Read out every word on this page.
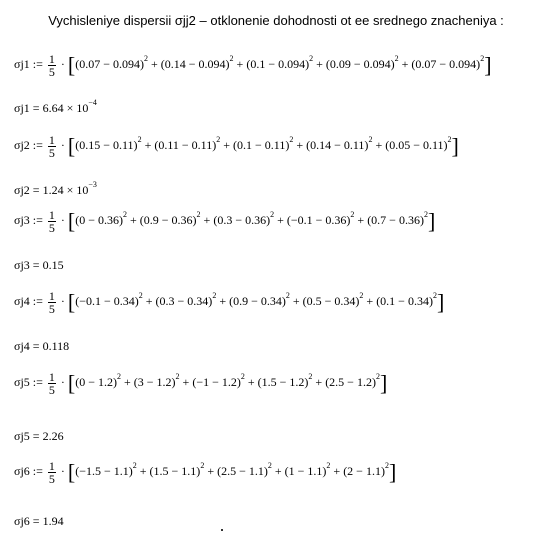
Vychisleniye dispersii σjj2 – otklonenie dohodnosti ot ee srednego znacheniya :
σj1 := $\frac{1}{5} \cdot [(0.07 - 0.094)^2 + (0.14 - 0.094)^2 + (0.1 - 0.094)^2 + (0.09 - 0.094)^2 + (0.07 - 0.094)^2]$
$\sigma j1 = 6.64 \times 10^{-4}$
σj2 := $\frac{1}{5} \cdot [(0.15 - 0.11)^2 + (0.11 - 0.11)^2 + (0.1 - 0.11)^2 + (0.14 - 0.11)^2 + (0.05 - 0.11)^2]$
$\sigma j2 = 1.24 \times 10^{-3}$
σj3 := $\frac{1}{5} \cdot [(0 - 0.36)^2 + (0.9 - 0.36)^2 + (0.3 - 0.36)^2 + (-0.1 - 0.36)^2 + (0.7 - 0.36)^2]$
σj3 = 0.15
σj4 := $\frac{1}{5} \cdot [(-0.1 - 0.34)^2 + (0.3 - 0.34)^2 + (0.9 - 0.34)^2 + (0.5 - 0.34)^2 + (0.1 - 0.34)^2]$
σj4 = 0.118
σj5 := $\frac{1}{5} \cdot [(0 - 1.2)^2 + (3 - 1.2)^2 + (-1 - 1.2)^2 + (1.5 - 1.2)^2 + (2.5 - 1.2)^2]$
σj5 = 2.26
σj6 := $\frac{1}{5} \cdot [(-1.5 - 1.1)^2 + (1.5 - 1.1)^2 + (2.5 - 1.1)^2 + (1 - 1.1)^2 + (2 - 1.1)^2]$
σj6 = 1.94
